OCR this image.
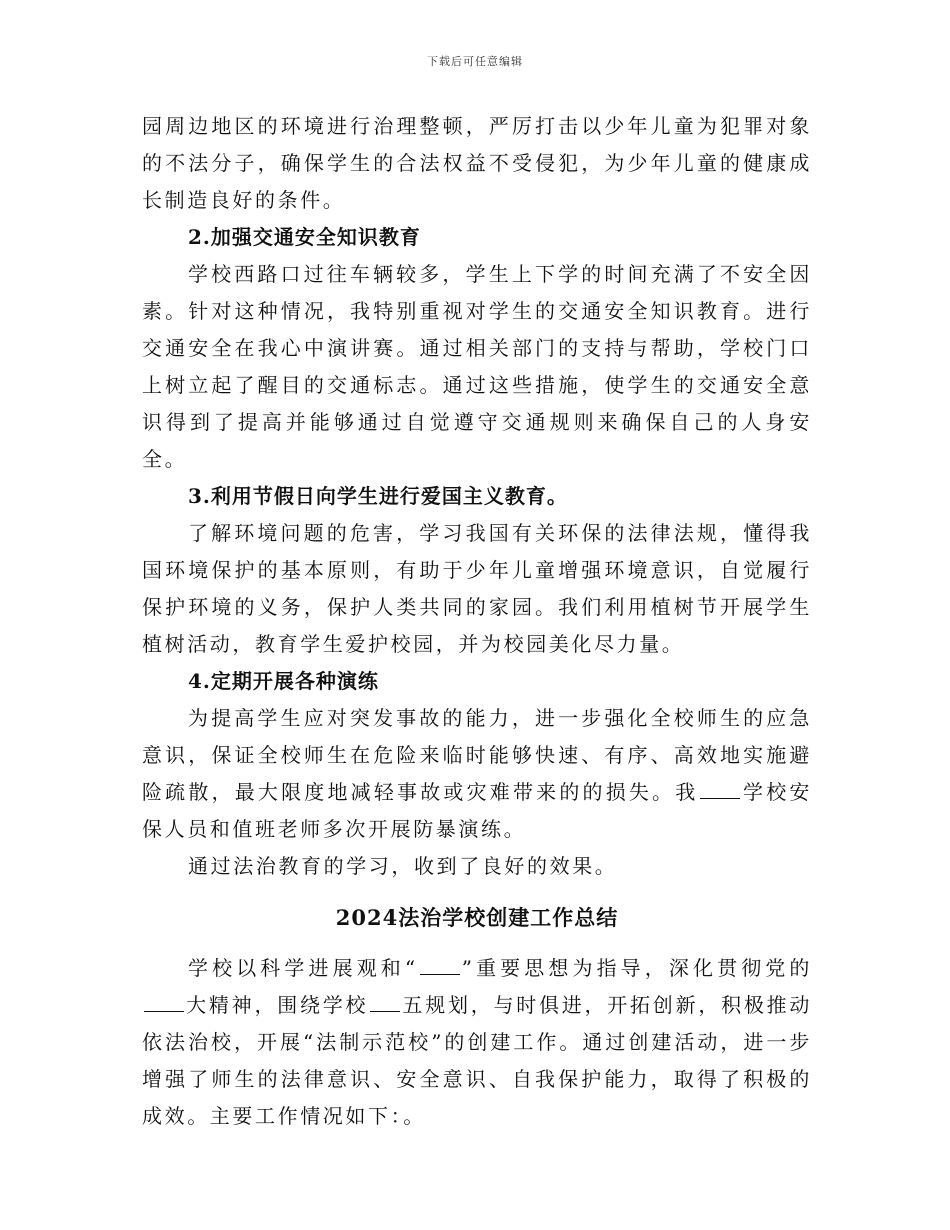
下载后可任意编辑

园周边地区的环境进行治理整顿，严厉打击以少年儿童为犯罪对象的不法分子，确保学生的合法权益不受侵犯，为少年儿童的健康成长制造良好的条件。

2.加强交通安全知识教育

学校西路口过往车辆较多，学生上下学的时间充满了不安全因素。针对这种情况，我特别重视对学生的交通安全知识教育。进行交通安全在我心中演讲赛。通过相关部门的支持与帮助，学校门口上树立起了醒目的交通标志。通过这些措施，使学生的交通安全意识得到了提高并能够通过自觉遵守交通规则来确保自己的人身安全。

3.利用节假日向学生进行爱国主义教育。

了解环境问题的危害，学习我国有关环保的法律法规，懂得我国环境保护的基本原则，有助于少年儿童增强环境意识，自觉履行保护环境的义务，保护人类共同的家园。我们利用植树节开展学生植树活动，教育学生爱护校园，并为校园美化尽力量。

4.定期开展各种演练

为提高学生应对突发事故的能力，进一步强化全校师生的应急意识，保证全校师生在危险来临时能够快速、有序、高效地实施避险疏散，最大限度地减轻事故或灾难带来的的损失。我 学校安保人员和值班老师多次开展防暴演练。

通过法治教育的学习，收到了良好的效果。

2024法治学校创建工作总结

学校以科学进展观和“ ”重要思想为指导，深化贯彻党的大精神，围绕学校 五规划，与时俱进，开拓创新，积极推动依法治校，开展“法制示范校”的创建工作。通过创建活动，进一步增强了师生的法律意识、安全意识、自我保护能力，取得了积极的成效。主要工作情况如下：。
